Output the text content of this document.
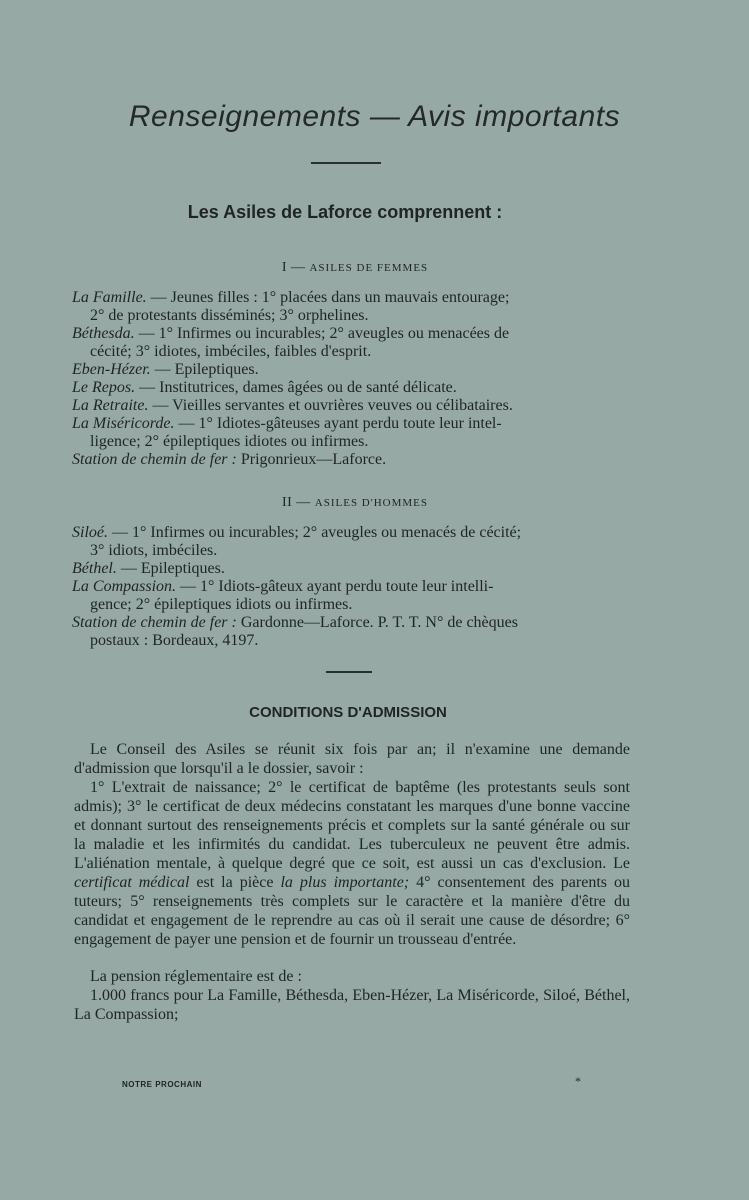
Renseignements — Avis importants
Les Asiles de Laforce comprennent :
I — ASILES DE FEMMES
La Famille. — Jeunes filles : 1° placées dans un mauvais entourage;
2° de protestants disséminés; 3° orphelines.
Béthesda. — 1° Infirmes ou incurables; 2° aveugles ou menacées de
cécité; 3° idiotes, imbéciles, faibles d'esprit.
Eben-Hézer. — Epileptiques.
Le Repos. — Institutrices, dames âgées ou de santé délicate.
La Retraite. — Vieilles servantes et ouvrières veuves ou célibataires.
La Miséricorde. — 1° Idiotes-gâteuses ayant perdu toute leur intel-
ligence; 2° épileptiques idiotes ou infirmes.
Station de chemin de fer : Prigonrieux—Laforce.
II — ASILES D'HOMMES
Siloé. — 1° Infirmes ou incurables; 2° aveugles ou menacés de cécité;
3° idiots, imbéciles.
Béthel. — Epileptiques.
La Compassion. — 1° Idiots-gâteux ayant perdu toute leur intelli-
gence; 2° épileptiques idiots ou infirmes.
Station de chemin de fer : Gardonne—Laforce. P. T. T. N° de chèques
postaux : Bordeaux, 4197.
CONDITIONS D'ADMISSION

Le Conseil des Asiles se réunit six fois par an; il n'examine une demande d'admission que lorsqu'il a le dossier, savoir :

1° L'extrait de naissance; 2° le certificat de baptême (les protestants seuls sont admis); 3° le certificat de deux médecins constatant les marques d'une bonne vaccine et donnant surtout des renseignements précis et complets sur la santé générale ou sur la maladie et les infirmités du candidat. Les tuberculeux ne peuvent être admis. L'aliénation mentale, à quelque degré que ce soit, est aussi un cas d'exclusion. Le certificat médical est la pièce la plus importante; 4° consentement des parents ou tuteurs; 5° renseignements très complets sur le caractère et la manière d'être du candidat et engagement de le reprendre au cas où il serait une cause de désordre; 6° engagement de payer une pension et de fournir un trousseau d'entrée.

La pension réglementaire est de :

1.000 francs pour La Famille, Béthesda, Eben-Hézer, La Miséricorde, Siloé, Béthel, La Compassion;

NOTRE PROCHAIN	*
